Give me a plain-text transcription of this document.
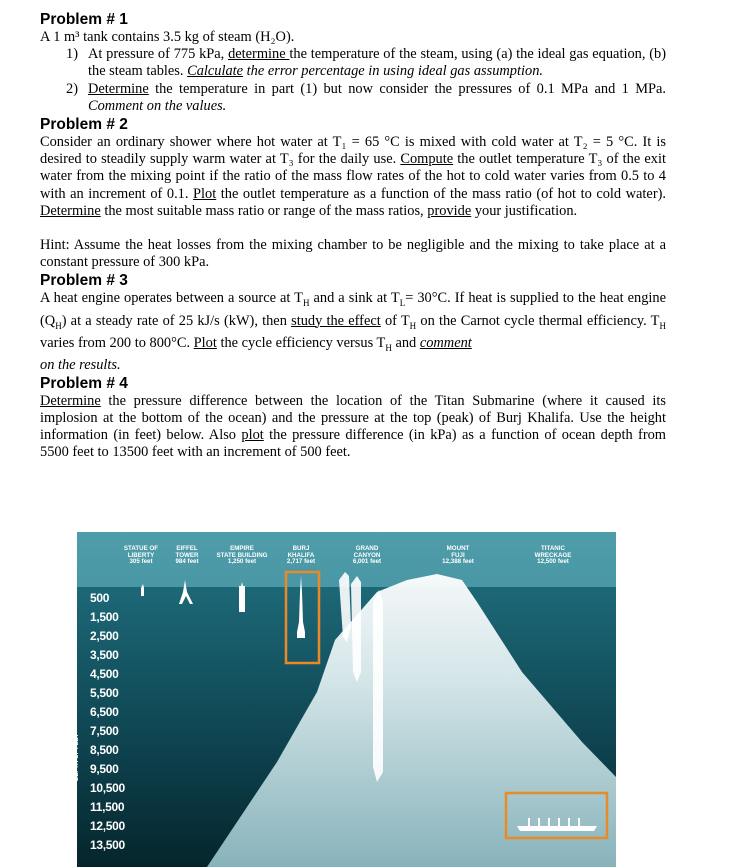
Problem # 1

A 1 m³ tank contains 3.5 kg of steam (H₂O).

1) At pressure of 775 kPa, determine the temperature of the steam, using (a) the ideal gas equation, (b) the steam tables. Calculate the error percentage in using ideal gas assumption.
2) Determine the temperature in part (1) but now consider the pressures of 0.1 MPa and 1 MPa. Comment on the values.
Problem # 2

Consider an ordinary shower where hot water at T₁ = 65 °C is mixed with cold water at T₂ = 5 °C. It is desired to steadily supply warm water at T₃ for the daily use. Compute the outlet temperature T₃ of the exit water from the mixing point if the ratio of the mass flow rates of the hot to cold water varies from 0.5 to 4 with an increment of 0.1. Plot the outlet temperature as a function of the mass ratio (of hot to cold water). Determine the most suitable mass ratio or range of the mass ratios, provide your justification.

Hint: Assume the heat losses from the mixing chamber to be negligible and the mixing to take place at a constant pressure of 300 kPa.

Problem # 3

A heat engine operates between a source at $T_H$ and a sink at $T_L= 30^\circ C$. If heat is supplied to the heat engine $(Q_H)$ at a steady rate of 25 kJ/s (kW), then study the effect of $T_H$ on the Carnot cycle thermal efficiency. $T_H$ varies from 200 to 800°C. Plot the cycle efficiency versus $T_H$ and comment
on the results.

Problem # 4

Determine the pressure difference between the location of the Titan Submarine (where it caused its implosion at the bottom of the ocean) and the pressure at the top (peak) of Burj Khalifa. Use the height information (in feet) below. Also plot the pressure difference (in kPa) as a function of ocean depth from 5500 feet to 13500 feet with an increment of 500 feet.

DEPTH OF FEET
500
1,500
2,500
3,500
4,500
5,500
6,500
7,500
8,500
9,500
10,500
11,500
12,500
13,500
STATUE OF
LIBERTY
305 feet
EIFFEL
TOWER
984 feet
EMPIRE
STATE BUILDING
1,250 feet
BURJ
KHALIFA
2,717 feet
GRAND
CANYON
6,001 feet
MOUNT
FUJI
12,388 feet
TITANIC
WRECKAGE
12,500 feet
